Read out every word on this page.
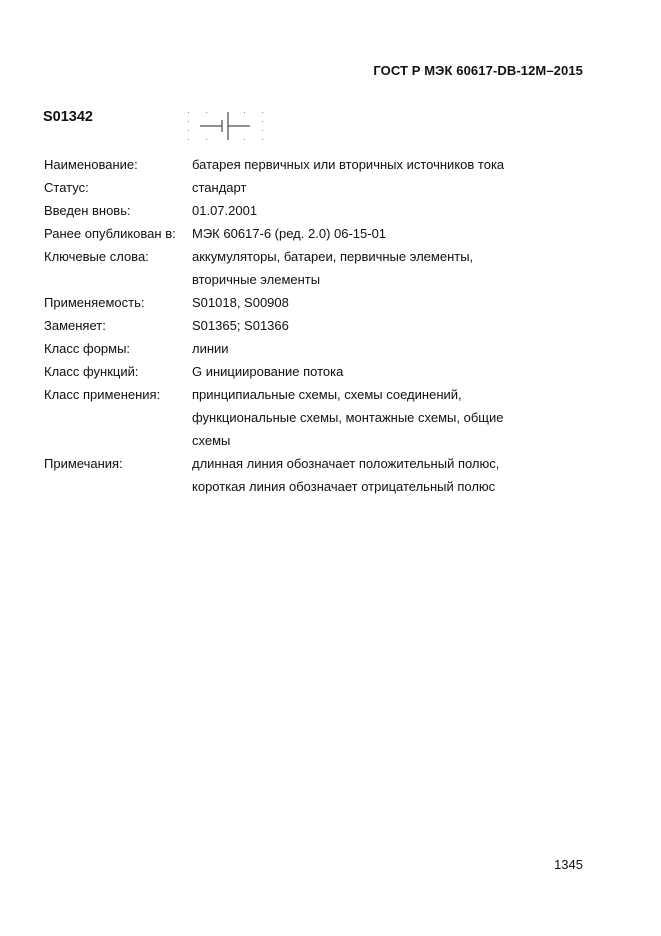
ГОСТ Р МЭК 60617-DB-12M–2015
S01342
Наименование:	батарея первичных или вторичных источников тока
Статус:	стандарт
Введен вновь:	01.07.2001
Ранее опубликован в:	МЭК 60617-6 (ред. 2.0) 06-15-01
Ключевые слова:	аккумуляторы, батареи, первичные элементы, вторичные элементы
Применяемость:	S01018, S00908
Заменяет:	S01365; S01366
Класс формы:	линии
Класс функций:	G инициирование потока
Класс применения:	принципиальные схемы, схемы соединений, функциональные схемы, монтажные схемы, общие схемы
Примечания:	длинная линия обозначает положительный полюс, короткая линия обозначает отрицательный полюс
1345
